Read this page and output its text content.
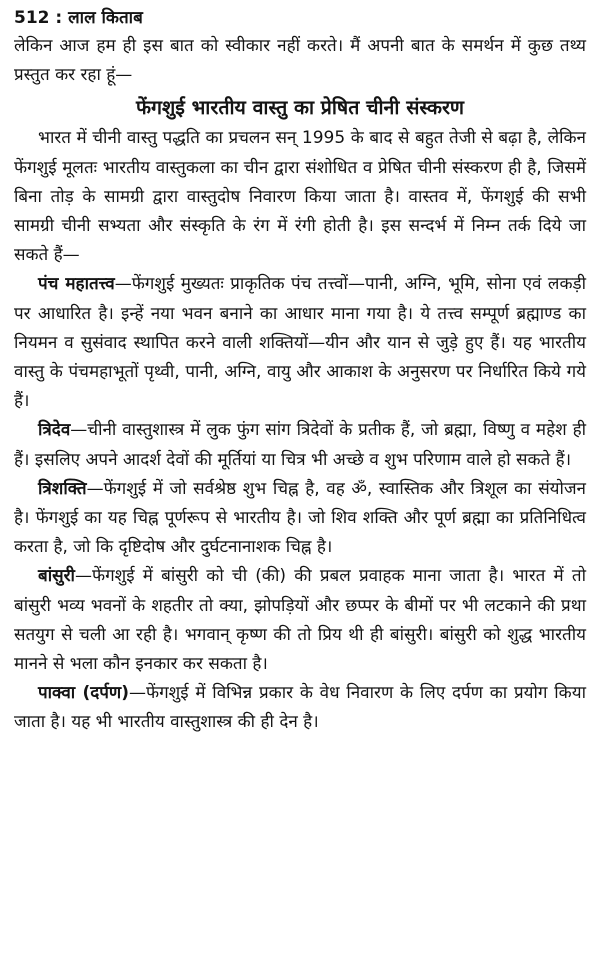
512 : लाल किताब

लेकिन आज हम ही इस बात को स्वीकार नहीं करते। मैं अपनी बात के समर्थन में कुछ तथ्य प्रस्तुत कर रहा हूं—

फेंगशुई भारतीय वास्तु का प्रेषित चीनी संस्करण

भारत में चीनी वास्तु पद्धति का प्रचलन सन् 1995 के बाद से बहुत तेजी से बढ़ा है, लेकिन फेंगशुई मूलतः भारतीय वास्तुकला का चीन द्वारा संशोधित व प्रेषित चीनी संस्करण ही है, जिसमें बिना तोड़ के सामग्री द्वारा वास्तुदोष निवारण किया जाता है। वास्तव में, फेंगशुई की सभी सामग्री चीनी सभ्यता और संस्कृति के रंग में रंगी होती है। इस सन्दर्भ में निम्न तर्क दिये जा सकते हैं—

पंच महातत्त्व—फेंगशुई मुख्यतः प्राकृतिक पंच तत्त्वों—पानी, अग्नि, भूमि, सोना एवं लकड़ी पर आधारित है। इन्हें नया भवन बनाने का आधार माना गया है। ये तत्त्व सम्पूर्ण ब्रह्माण्ड का नियमन व सुसंवाद स्थापित करने वाली शक्तियों—यीन और यान से जुड़े हुए हैं। यह भारतीय वास्तु के पंचमहाभूतों पृथ्वी, पानी, अग्नि, वायु और आकाश के अनुसरण पर निर्धारित किये गये हैं।

त्रिदेव—चीनी वास्तुशास्त्र में लुक फुंग सांग त्रिदेवों के प्रतीक हैं, जो ब्रह्मा, विष्णु व महेश ही हैं। इसलिए अपने आदर्श देवों की मूर्तियां या चित्र भी अच्छे व शुभ परिणाम वाले हो सकते हैं।

त्रिशक्ति—फेंगशुई में जो सर्वश्रेष्ठ शुभ चिह्न है, वह ॐ, स्वास्तिक और त्रिशूल का संयोजन है। फेंगशुई का यह चिह्न पूर्णरूप से भारतीय है। जो शिव शक्ति और पूर्ण ब्रह्मा का प्रतिनिधित्व करता है, जो कि दृष्टिदोष और दुर्घटनानाशक चिह्न है।

बांसुरी—फेंगशुई में बांसुरी को ची (की) की प्रबल प्रवाहक माना जाता है। भारत में तो बांसुरी भव्य भवनों के शहतीर तो क्या, झोपड़ियों और छप्पर के बीमों पर भी लटकाने की प्रथा सतयुग से चली आ रही है। भगवान् कृष्ण की तो प्रिय थी ही बांसुरी। बांसुरी को शुद्ध भारतीय मानने से भला कौन इनकार कर सकता है।

पाक्वा (दर्पण)—फेंगशुई में विभिन्न प्रकार के वेध निवारण के लिए दर्पण का प्रयोग किया जाता है। यह भी भारतीय वास्तुशास्त्र की ही देन है।
